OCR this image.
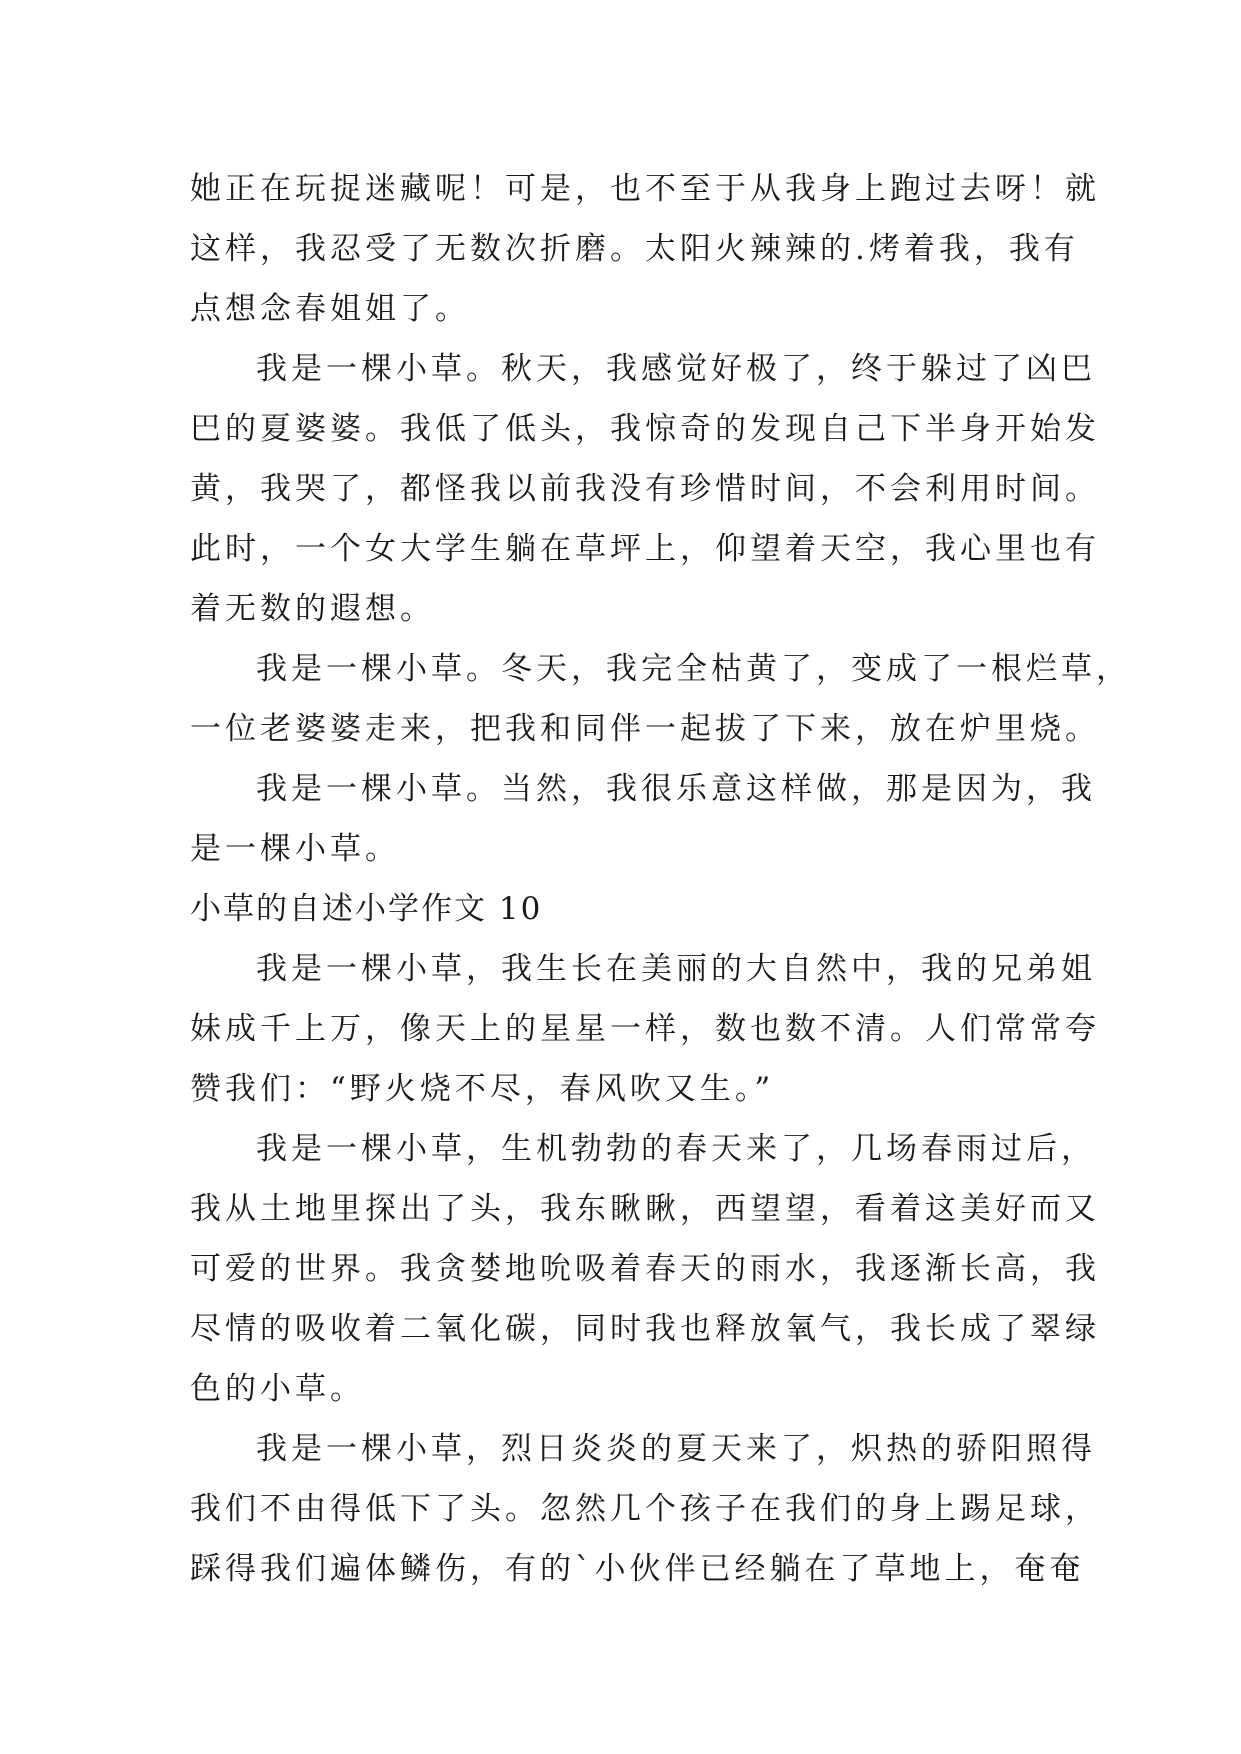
她正在玩捉迷藏呢！可是，也不至于从我身上跑过去呀！就
这样，我忍受了无数次折磨。太阳火辣辣的.烤着我，我有
点想念春姐姐了。
我是一棵小草。秋天，我感觉好极了，终于躲过了凶巴
巴的夏婆婆。我低了低头，我惊奇的发现自己下半身开始发
黄，我哭了，都怪我以前我没有珍惜时间，不会利用时间。
此时，一个女大学生躺在草坪上，仰望着天空，我心里也有
着无数的遐想。
我是一棵小草。冬天，我完全枯黄了，变成了一根烂草，
一位老婆婆走来，把我和同伴一起拔了下来，放在炉里烧。
我是一棵小草。当然，我很乐意这样做，那是因为，我
是一棵小草。
小草的自述小学作文 10
我是一棵小草，我生长在美丽的大自然中，我的兄弟姐
妹成千上万，像天上的星星一样，数也数不清。人们常常夸
赞我们：“野火烧不尽，春风吹又生。”
我是一棵小草，生机勃勃的春天来了，几场春雨过后，
我从土地里探出了头，我东瞅瞅，西望望，看着这美好而又
可爱的世界。我贪婪地吮吸着春天的雨水，我逐渐长高，我
尽情的吸收着二氧化碳，同时我也释放氧气，我长成了翠绿
色的小草。
我是一棵小草，烈日炎炎的夏天来了，炽热的骄阳照得
我们不由得低下了头。忽然几个孩子在我们的身上踢足球，
踩得我们遍体鳞伤，有的`小伙伴已经躺在了草地上，奄奄
